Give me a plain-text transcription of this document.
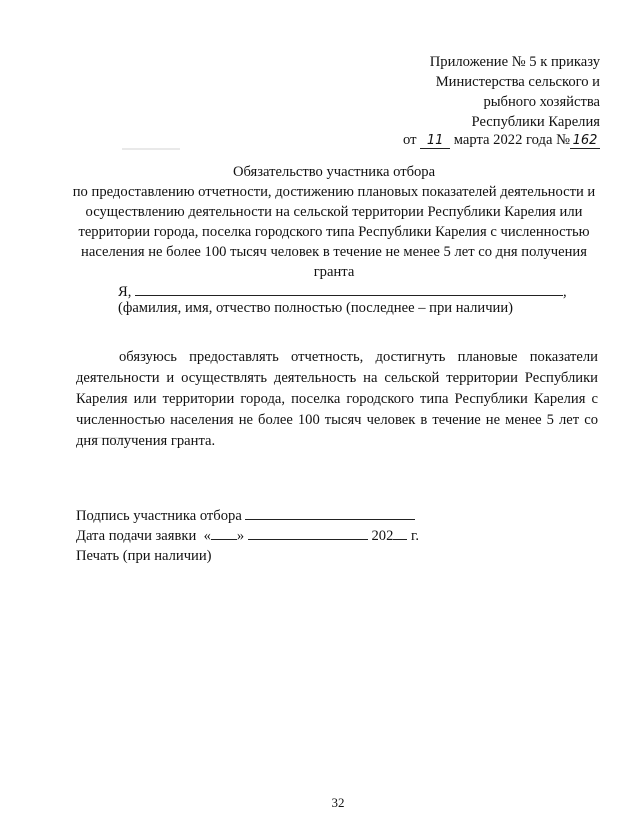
Приложение № 5 к приказу
Министерства сельского и
рыбного хозяйства
Республики Карелия
от 11 марта 2022 года № 162
Обязательство участника отбора
по предоставлению отчетности, достижению плановых показателей деятельности и
осуществлению деятельности на сельской территории Республики Карелия или
территории города, поселка городского типа Республики Карелия с численностью
населения не более 100 тысяч человек в течение не менее 5 лет со дня получения
гранта
Я,	,
(фамилия, имя, отчество полностью (последнее – при наличии)
обязуюсь предоставлять отчетность, достигнуть плановые показатели деятельности и осуществлять деятельность на сельской территории Республики Карелия или территории города, поселка городского типа Республики Карелия с численностью населения не более 100 тысяч человек в течение не менее 5 лет со дня получения гранта.
Подпись участника отбора
Дата подачи заявки « »	202 г.
Печать (при наличии)
32
